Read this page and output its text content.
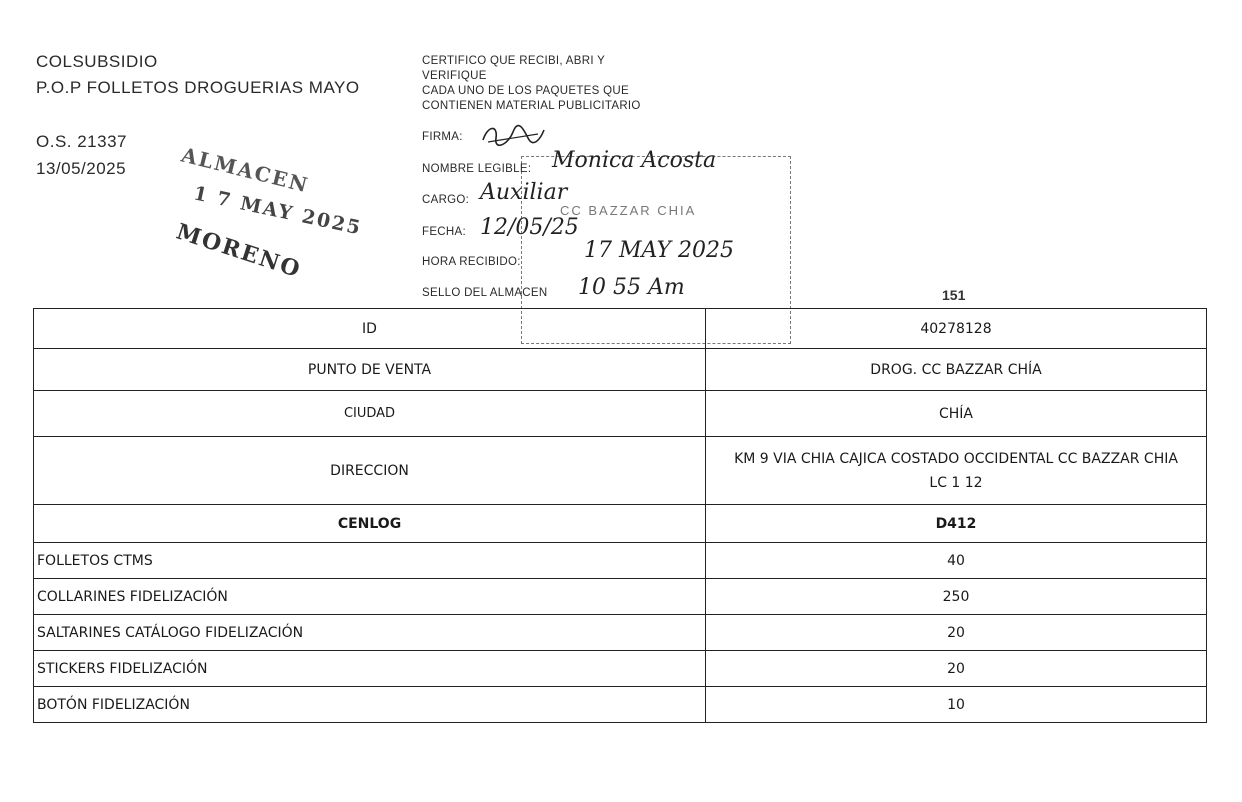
COLSUBSIDIO
P.O.P FOLLETOS DROGUERIAS MAYO
O.S. 21337
13/05/2025	ALMACEN
1 7 MAY 2025
MORENO
CERTIFICO QUE RECIBI, ABRI Y
VERIFIQUE
CADA UNO DE LOS PAQUETES QUE
CONTIENEN MATERIAL PUBLICITARIO
CC BAZZAR CHIA
FIRMA:
NOMBRE LEGIBLE: Monica Acosta
CARGO: Auxiliar
FECHA: 12/05/25
HORA RECIBIDO:	17 MAY 2025
SELLO DEL ALMACEN 10 55 Am	151
ID	40278128
PUNTO DE VENTA	DROG. CC BAZZAR CHÍA
CIUDAD	CHÍA
DIRECCION	KM 9 VIA CHIA CAJICA COSTADO OCCIDENTAL CC BAZZAR CHIA LC 1 12
CENLOG	D412
FOLLETOS CTMS	40
COLLARINES FIDELIZACIÓN	250
SALTARINES CATÁLOGO FIDELIZACIÓN	20
STICKERS FIDELIZACIÓN	20
BOTÓN FIDELIZACIÓN	10
